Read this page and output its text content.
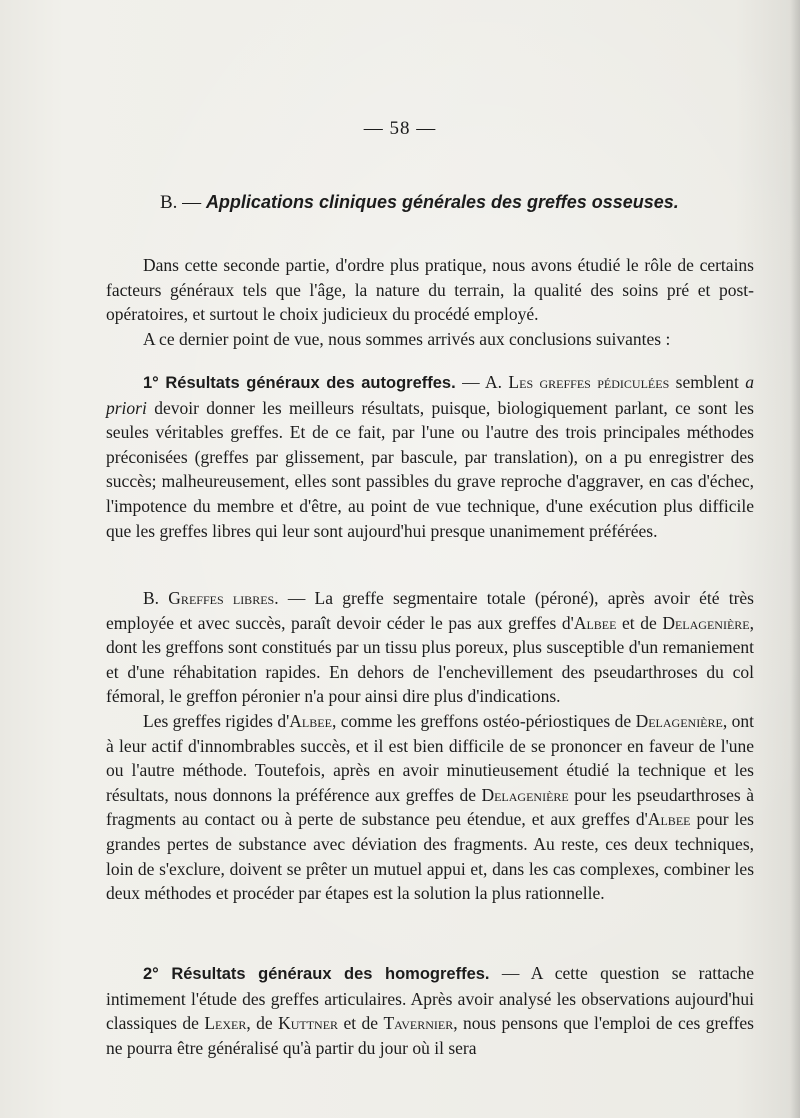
— 58 —
B. — Applications cliniques générales des greffes osseuses.

Dans cette seconde partie, d'ordre plus pratique, nous avons étudié le rôle de certains facteurs généraux tels que l'âge, la nature du terrain, la qualité des soins pré et post-opératoires, et surtout le choix judicieux du procédé employé.

A ce dernier point de vue, nous sommes arrivés aux conclusions suivantes :

1° Résultats généraux des autogreffes. — A. Les greffes pédiculées semblent a priori devoir donner les meilleurs résultats, puisque, biologiquement parlant, ce sont les seules véritables greffes. Et de ce fait, par l'une ou l'autre des trois principales méthodes préconisées (greffes par glissement, par bascule, par translation), on a pu enregistrer des succès; malheureusement, elles sont passibles du grave reproche d'aggraver, en cas d'échec, l'impotence du membre et d'être, au point de vue technique, d'une exécution plus difficile que les greffes libres qui leur sont aujourd'hui presque unanimement préférées.

B. Greffes libres. — La greffe segmentaire totale (péroné), après avoir été très employée et avec succès, paraît devoir céder le pas aux greffes d'Albee et de Delagenière, dont les greffons sont constitués par un tissu plus poreux, plus susceptible d'un remaniement et d'une réhabitation rapides. En dehors de l'enchevillement des pseudarthroses du col fémoral, le greffon péronier n'a pour ainsi dire plus d'indications.

Les greffes rigides d'Albee, comme les greffons ostéo-périostiques de Delagenière, ont à leur actif d'innombrables succès, et il est bien difficile de se prononcer en faveur de l'une ou l'autre méthode. Toutefois, après en avoir minutieusement étudié la technique et les résultats, nous donnons la préférence aux greffes de Delagenière pour les pseudarthroses à fragments au contact ou à perte de substance peu étendue, et aux greffes d'Albee pour les grandes pertes de substance avec déviation des fragments. Au reste, ces deux techniques, loin de s'exclure, doivent se prêter un mutuel appui et, dans les cas complexes, combiner les deux méthodes et procéder par étapes est la solution la plus rationnelle.

2° Résultats généraux des homogreffes. — A cette question se rattache intimement l'étude des greffes articulaires. Après avoir analysé les observations aujourd'hui classiques de Lexer, de Kuttner et de Tavernier, nous pensons que l'emploi de ces greffes ne pourra être généralisé qu'à partir du jour où il sera
